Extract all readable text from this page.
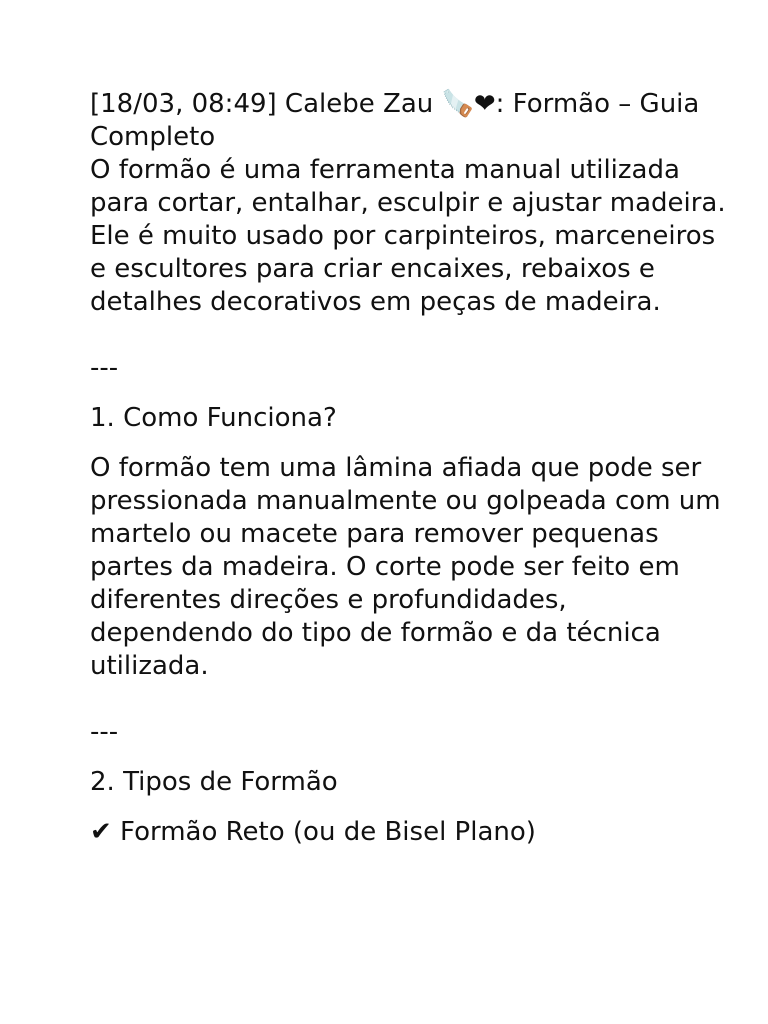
[18/03, 08:49] Calebe Zau 🪚❤: Formão – Guia Completo

O formão é uma ferramenta manual utilizada para cortar, entalhar, esculpir e ajustar madeira. Ele é muito usado por carpinteiros, marceneiros e escultores para criar encaixes, rebaixos e detalhes decorativos em peças de madeira.

---

1. Como Funciona?

O formão tem uma lâmina afiada que pode ser pressionada manualmente ou golpeada com um martelo ou macete para remover pequenas partes da madeira. O corte pode ser feito em diferentes direções e profundidades, dependendo do tipo de formão e da técnica utilizada.

---

2. Tipos de Formão

✔ Formão Reto (ou de Bisel Plano)
